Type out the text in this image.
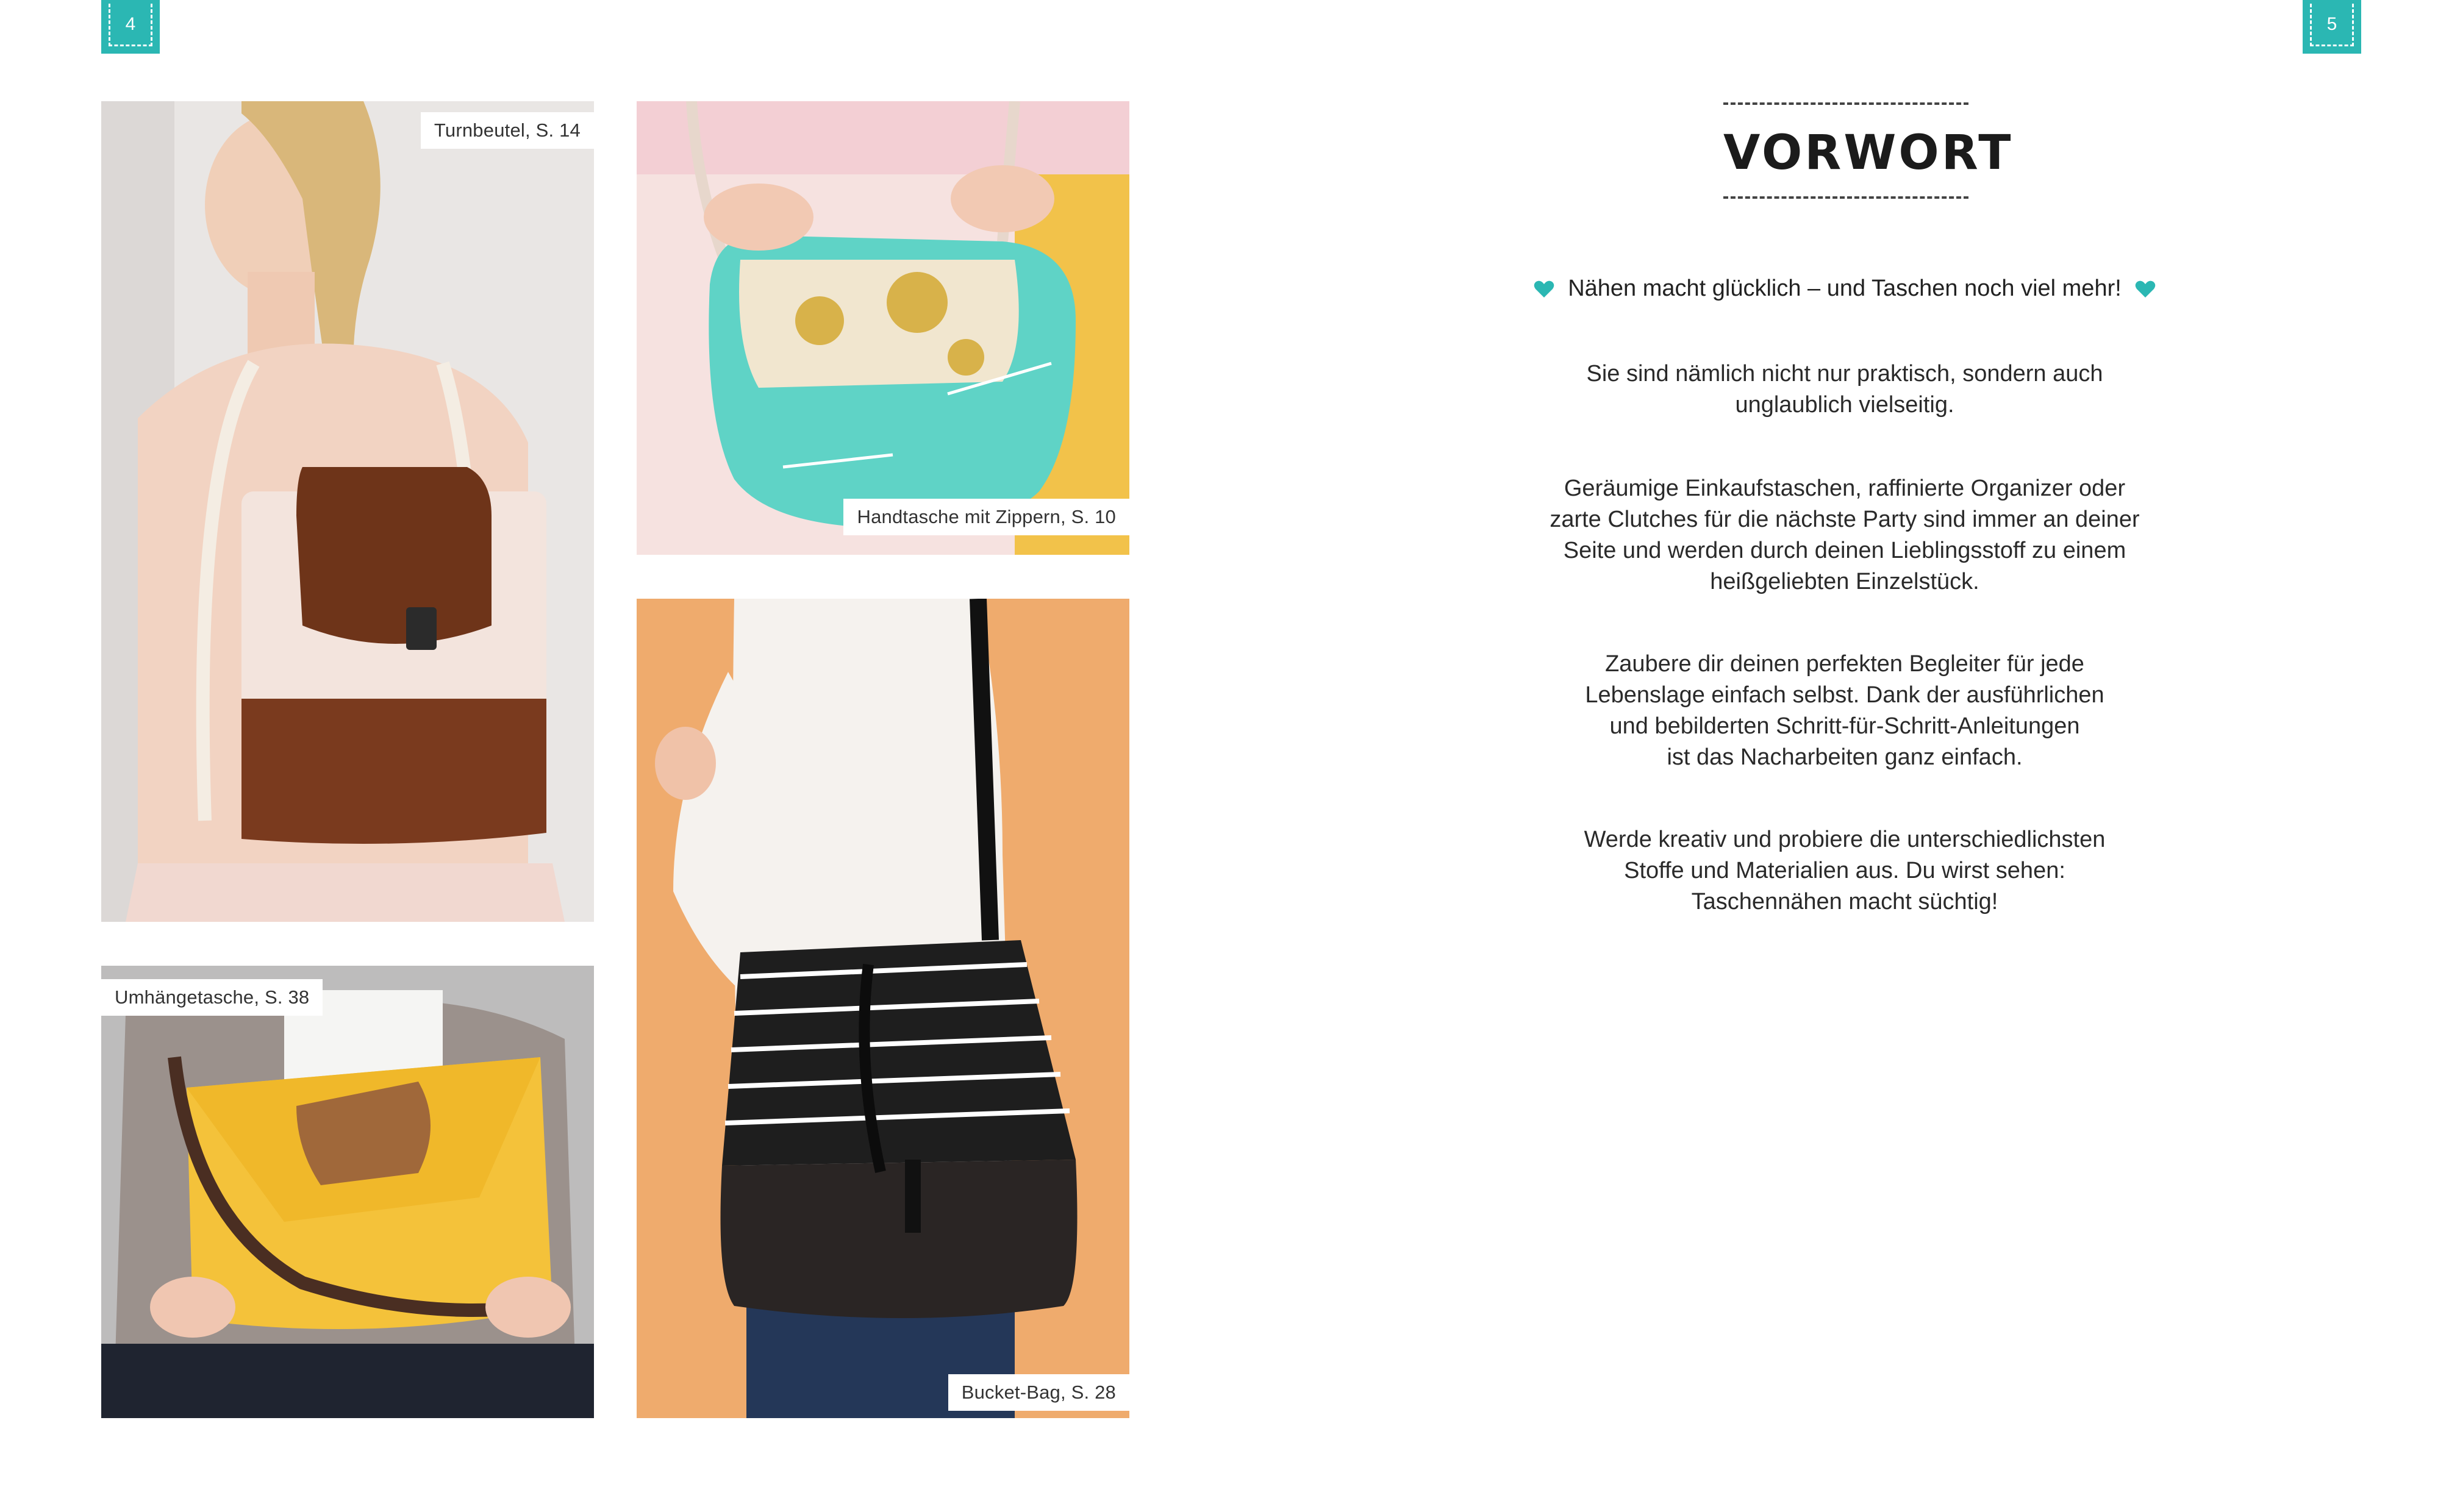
4	5
Turnbeutel, S. 14
Handtasche mit Zippern, S. 10
Umhängetasche, S. 38
Bucket-Bag, S. 28
VORWORT
Nähen macht glücklich – und Taschen noch viel mehr!
Sie sind nämlich nicht nur praktisch, sondern auch
unglaublich vielseitig.
Geräumige Einkaufstaschen, raffinierte Organizer oder
zarte Clutches für die nächste Party sind immer an deiner
Seite und werden durch deinen Lieblingsstoff zu einem
heißgeliebten Einzelstück.
Zaubere dir deinen perfekten Begleiter für jede
Lebenslage einfach selbst. Dank der ausführlichen
und bebilderten Schritt-für-Schritt-Anleitungen
ist das Nacharbeiten ganz einfach.
Werde kreativ und probiere die unterschiedlichsten
Stoffe und Materialien aus. Du wirst sehen:
Taschennähen macht süchtig!
